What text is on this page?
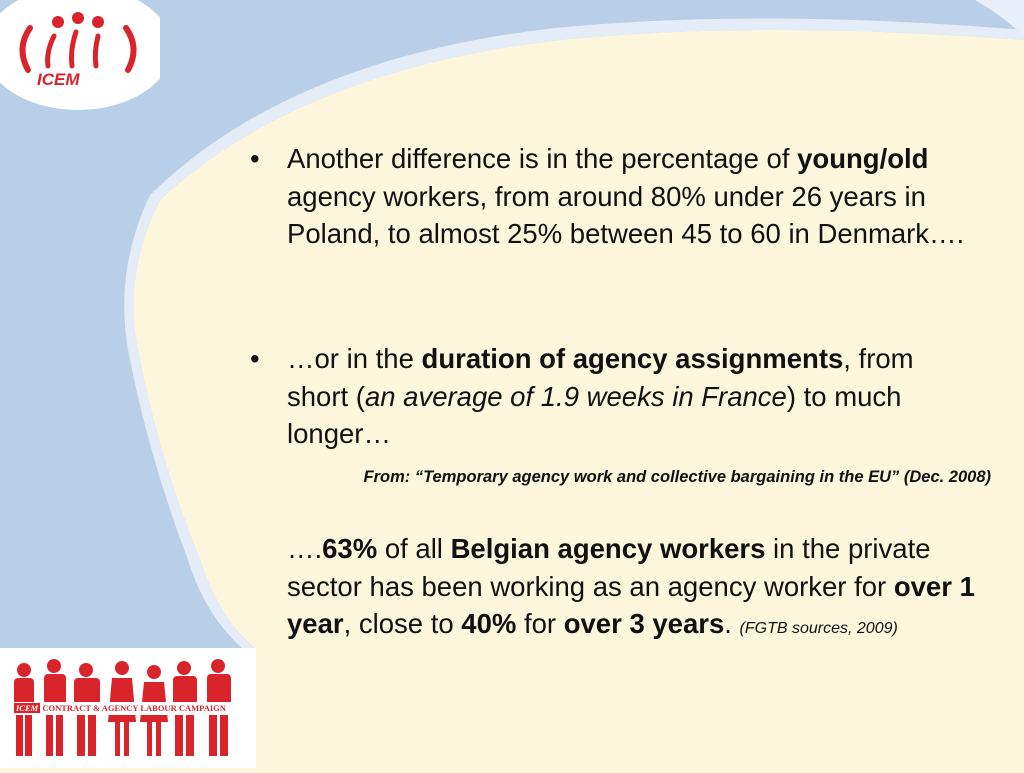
ICEM
ICEM CONTRACT & AGENCY LABOUR CAMPAIGN
• Another difference is in the percentage of young/old agency workers, from around 80% under 26 years in Poland, to almost 25% between 45 to 60 in Denmark….
• …or in the duration of agency assignments, from short (an average of 1.9 weeks in France) to much longer…
From: “Temporary agency work and collective bargaining in the EU” (Dec. 2008)
….63% of all Belgian agency workers in the private sector has been working as an agency worker for over 1 year, close to 40% for over 3 years. (FGTB sources, 2009)
